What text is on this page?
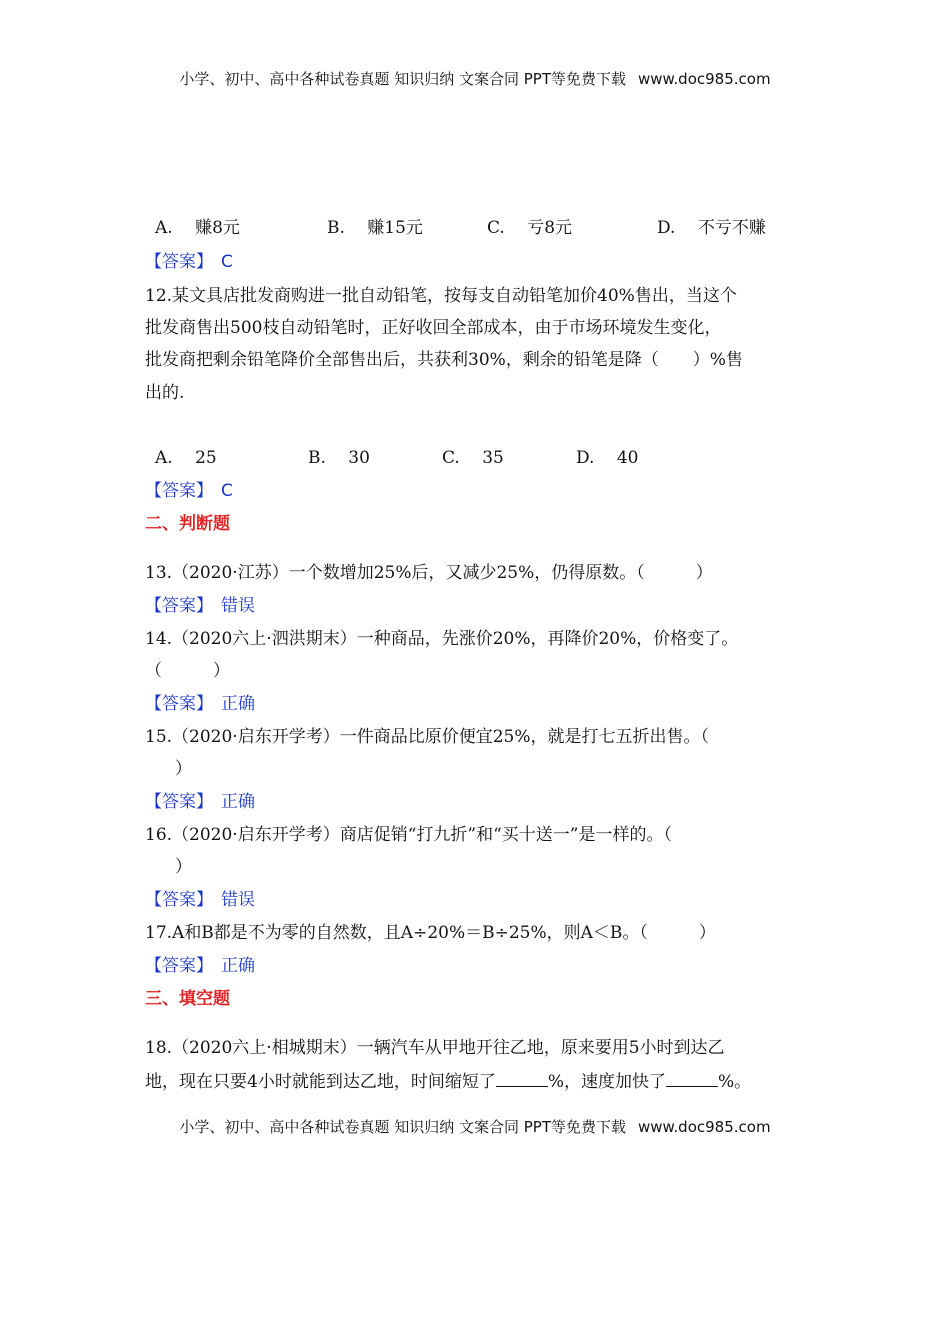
小学、初中、高中各种试卷真题 知识归纳 文案合同 PPT等免费下载 www.doc985.com
A.　 赚8元	B.　 赚15元	C.　 亏8元	D.　 不亏不赚
【答案】 C
12.某文具店批发商购进一批自动铅笔，按每支自动铅笔加价40%售出，当这个
批发商售出500枝自动铅笔时，正好收回全部成本，由于市场环境发生变化，
批发商把剩余铅笔降价全部售出后，共获利30%，剩余的铅笔是降（　　）%售
出的.
A.　 25	B.　 30	C.　 35	D.　 40
【答案】 C
二、判断题
13.（2020·江苏）一个数增加25%后，又减少25%，仍得原数。（　　　）
【答案】 错误
14.（2020六上·泗洪期末）一种商品，先涨价20%，再降价20%，价格变了。
（　　　）
【答案】 正确
15.（2020·启东开学考）一件商品比原价便宜25%，就是打七五折出售。（
）
【答案】 正确
16.（2020·启东开学考）商店促销“打九折”和“买十送一”是一样的。（
）
【答案】 错误
17.A和B都是不为零的自然数，且A÷20%＝B÷25%，则A＜B。（　　　）
【答案】 正确
三、填空题
18.（2020六上·相城期末）一辆汽车从甲地开往乙地，原来要用5小时到达乙
地，现在只要4小时就能到达乙地，时间缩短了	%，速度加快了	%。
小学、初中、高中各种试卷真题 知识归纳 文案合同 PPT等免费下载 www.doc985.com
